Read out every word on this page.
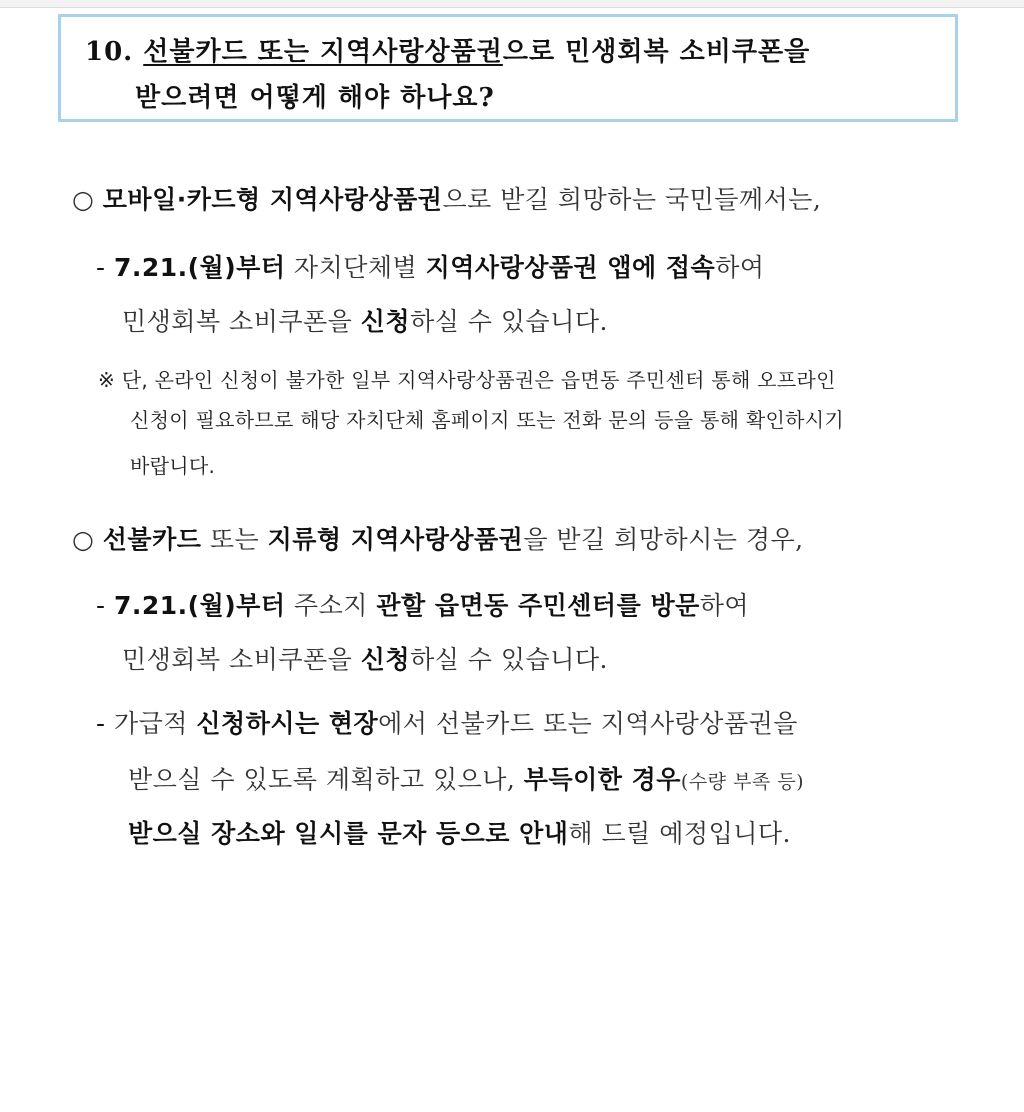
10. 선불카드 또는 지역사랑상품권으로 민생회복 소비쿠폰을
받으려면 어떻게 해야 하나요?
○ 모바일·카드형 지역사랑상품권으로 받길 희망하는 국민들께서는,
- 7.21.(월)부터 자치단체별 지역사랑상품권 앱에 접속하여
민생회복 소비쿠폰을 신청하실 수 있습니다.
※ 단, 온라인 신청이 불가한 일부 지역사랑상품권은 읍면동 주민센터 통해 오프라인
신청이 필요하므로 해당 자치단체 홈페이지 또는 전화 문의 등을 통해 확인하시기
바랍니다.
○ 선불카드 또는 지류형 지역사랑상품권을 받길 희망하시는 경우,
- 7.21.(월)부터 주소지 관할 읍면동 주민센터를 방문하여
민생회복 소비쿠폰을 신청하실 수 있습니다.
- 가급적 신청하시는 현장에서 선불카드 또는 지역사랑상품권을
받으실 수 있도록 계획하고 있으나, 부득이한 경우(수량 부족 등)
받으실 장소와 일시를 문자 등으로 안내해 드릴 예정입니다.
